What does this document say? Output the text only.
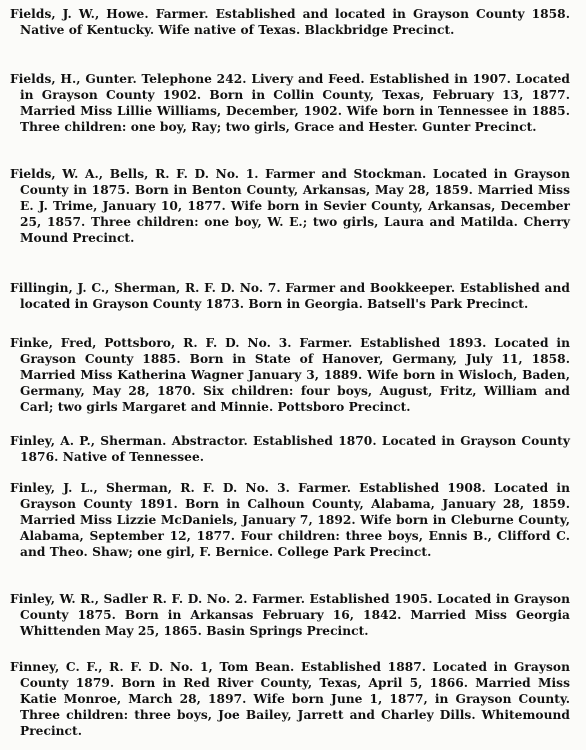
Fields, J. W., Howe. Farmer. Established and located in Grayson County 1858. Native of Kentucky. Wife native of Texas. Blackbridge Precinct.
Fields, H., Gunter. Telephone 242. Livery and Feed. Established in 1907. Located in Grayson County 1902. Born in Collin County, Texas, February 13, 1877. Married Miss Lillie Williams, December, 1902. Wife born in Tennessee in 1885. Three children: one boy, Ray; two girls, Grace and Hester. Gunter Precinct.
Fields, W. A., Bells, R. F. D. No. 1. Farmer and Stockman. Located in Grayson County in 1875. Born in Benton County, Arkansas, May 28, 1859. Married Miss E. J. Trime, January 10, 1877. Wife born in Sevier County, Arkansas, December 25, 1857. Three children: one boy, W. E.; two girls, Laura and Matilda. Cherry Mound Precinct.
Fillingin, J. C., Sherman, R. F. D. No. 7. Farmer and Bookkeeper. Established and located in Grayson County 1873. Born in Georgia. Batsell's Park Precinct.
Finke, Fred, Pottsboro, R. F. D. No. 3. Farmer. Established 1893. Located in Grayson County 1885. Born in State of Hanover, Germany, July 11, 1858. Married Miss Katherina Wagner January 3, 1889. Wife born in Wisloch, Baden, Germany, May 28, 1870. Six children: four boys, August, Fritz, William and Carl; two girls Margaret and Minnie. Pottsboro Precinct.
Finley, A. P., Sherman. Abstractor. Established 1870. Located in Grayson County 1876. Native of Tennessee.
Finley, J. L., Sherman, R. F. D. No. 3. Farmer. Established 1908. Located in Grayson County 1891. Born in Calhoun County, Alabama, January 28, 1859. Married Miss Lizzie McDaniels, January 7, 1892. Wife born in Cleburne County, Alabama, September 12, 1877. Four children: three boys, Ennis B., Clifford C. and Theo. Shaw; one girl, F. Bernice. College Park Precinct.
Finley, W. R., Sadler R. F. D. No. 2. Farmer. Established 1905. Located in Grayson County 1875. Born in Arkansas February 16, 1842. Married Miss Georgia Whittenden May 25, 1865. Basin Springs Precinct.
Finney, C. F., R. F. D. No. 1, Tom Bean. Established 1887. Located in Grayson County 1879. Born in Red River County, Texas, April 5, 1866. Married Miss Katie Monroe, March 28, 1897. Wife born June 1, 1877, in Grayson County. Three children: three boys, Joe Bailey, Jarrett and Charley Dills. Whitemound Precinct.
